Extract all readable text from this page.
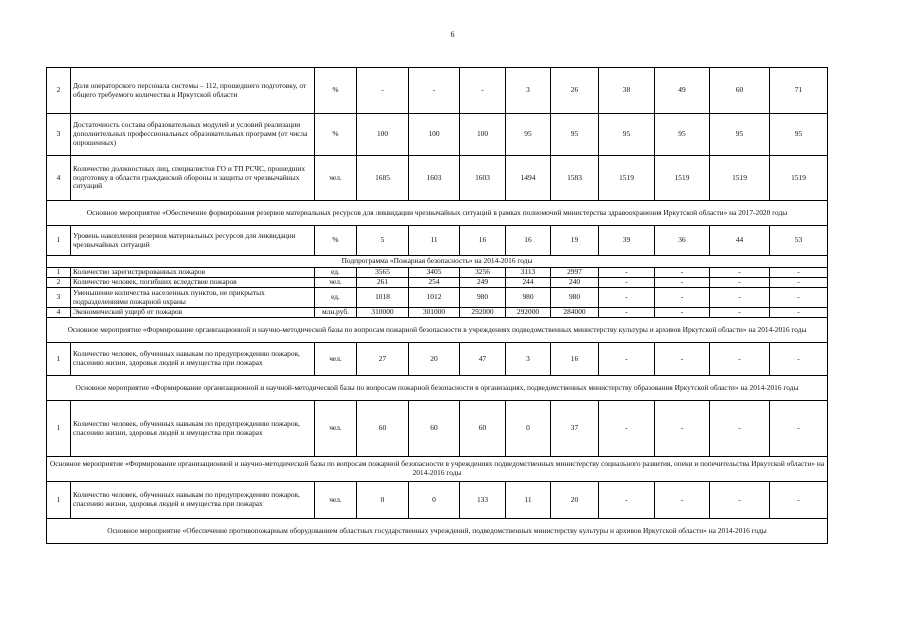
6
2	Доля операторского персонала системы – 112, прошедшего подготовку, от общего требуемого количества в Иркутской области	%	-	-	-	3	26	38	49	60	71
3	Достаточность состава образовательных модулей и условий реализации дополнительных профессиональных образовательных программ (от числа опрошенных)	%	100	100	100	95	95	95	95	95	95
4	Количество должностных лиц, специалистов ГО и ТП РСЧС, прошедших подготовку в области гражданской обороны и защиты от чрезвычайных ситуаций	чел.	1685	1603	1603	1494	1583	1519	1519	1519	1519
Основное мероприятие «Обеспечение формирования резервов материальных ресурсов для ликвидации чрезвычайных ситуаций в рамках полномочий министерства здравоохранения Иркутской области» на 2017-2020 годы											
1	Уровень накопления резервов материальных ресурсов для ликвидации чрезвычайных ситуаций	%	5	11	16	16	19	39	36	44	53
Подпрограмма «Пожарная безопасность» на 2014-2016 годы											
1	Количество зарегистрированных пожаров	ед.	3565	3405	3256	3113	2997	-	-	-	-
2	Количество человек, погибших вследствие пожаров	чел.	261	254	249	244	240	-	-	-	-
3	Уменьшение количества населенных пунктов, не прикрытых подразделениями пожарной охраны	ед.	1018	1012	980	980	980	-	-	-	-
4	Экономический ущерб от пожаров	млн.руб.	310000	301000	292000	292000	284000	-	-	-	-
Основное мероприятие «Формирование организационной и научно-методической базы по вопросам пожарной безопасности в учреждениях подведомственных министерству культуры и архивов Иркутской области» на 2014-2016 годы											
1	Количество человек, обученных навыкам по предупреждению пожаров, спасению жизни, здоровья людей и имущества при пожарах	чел.	27	20	47	3	16	-	-	-	-
Основное мероприятие «Формирование организационной и научной-методической базы по вопросам пожарной безопасности в организациях, подведомственных министерству образования Иркутской области» на 2014-2016 годы											
1	Количество человек, обученных навыкам по предупреждению пожаров, спасению жизни, здоровья людей и имущества при пожарах	чел.	60	60	60	0	37	-	-	-	-
Основное мероприятие «Формирование организационной и научно-методической базы по вопросам пожарной безопасности в учреждениях подведомственных министерству социального развития, опеки и попечительства Иркутской области» на 2014-2016 годы											
1	Количество человек, обученных навыкам по предупреждению пожаров, спасению жизни, здоровья людей и имущества при пожарах	чел.	0	0	133	11	20	-	-	-	-
Основное мероприятие «Обеспечение противопожарным оборудованием областных государственных учреждений, подведомственных министерству культуры и архивов Иркутской области» на 2014-2016 годы											
